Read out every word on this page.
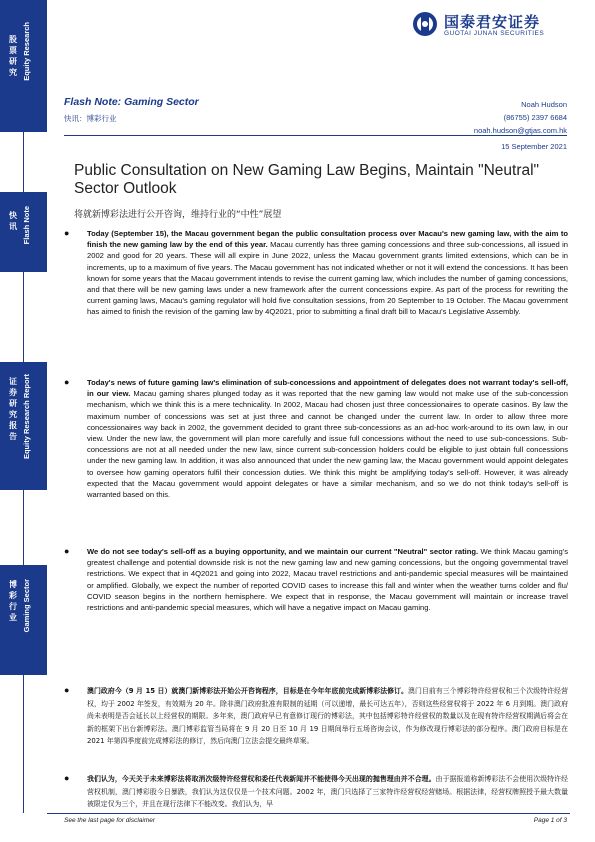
股
票
研
究 Equity Research
快
讯 Flash Note
证
券
研
究
报
告 Equity Research Report
博
彩
行
业 Gaming Sector
国泰君安证券
GUOTAI JUNAN SECURITIES
Flash Note: Gaming Sector
快讯：博彩行业
Noah Hudson
(86755) 2397 6684
noah.hudson@gtjas.com.hk
15 September 2021
Public Consultation on New Gaming Law Begins, Maintain "Neutral" Sector Outlook
将就新博彩法进行公开咨询，维持行业的“中性”展望
● Today (September 15), the Macau government began the public consultation process over Macau's new gaming law, with the aim to finish the new gaming law by the end of this year. Macau currently has three gaming concessions and three sub-concessions, all issued in 2002 and good for 20 years. These will all expire in June 2022, unless the Macau government grants limited extensions, which can be in increments, up to a maximum of five years. The Macau government has not indicated whether or not it will extend the concessions. It has been known for some years that the Macau government intends to revise the current gaming law, which includes the number of gaming concessions, and that there will be new gaming laws under a new framework after the current concessions expire. As part of the process for rewriting the current gaming laws, Macau's gaming regulator will hold five consultation sessions, from 20 September to 19 October. The Macau government has aimed to finish the revision of the gaming law by 4Q2021, prior to submitting a final draft bill to Macau's Legislative Assembly.
● Today's news of future gaming law's elimination of sub-concessions and appointment of delegates does not warrant today's sell-off, in our view. Macau gaming shares plunged today as it was reported that the new gaming law would not make use of the sub-concession mechanism, which we think this is a mere technicality. In 2002, Macau had chosen just three concessionaires to operate casinos. By law the maximum number of concessions was set at just three and cannot be changed under the current law. In order to allow three more concessionaires way back in 2002, the government decided to grant three sub-concessions as an ad-hoc work-around to its own law, in our view. Under the new law, the government will plan more carefully and issue full concessions without the need to use sub-concessions. Sub-concessions are not at all needed under the new law, since current sub-concession holders could be eligible to just obtain full concessions under the new gaming law. In addition, it was also announced that under the new gaming law, the Macau government would appoint delegates to oversee how gaming operators fulfil their concession duties. We think this might be amplifying today's sell-off. However, it was already expected that the Macau government would appoint delegates or have a similar mechanism, and so we do not think today's sell-off is warranted based on this.
● We do not see today's sell-off as a buying opportunity, and we maintain our current "Neutral" sector rating. We think Macau gaming's greatest challenge and potential downside risk is not the new gaming law and new gaming concessions, but the ongoing governmental travel restrictions. We expect that in 4Q2021 and going into 2022, Macau travel restrictions and anti-pandemic special measures will be maintained or amplified. Globally, we expect the number of reported COVID cases to increase this fall and winter when the weather turns colder and flu/ COVID season begins in the northern hemisphere. We expect that in response, the Macau government will maintain or increase travel restrictions and anti-pandemic special measures, which will have a negative impact on Macau gaming.
●	澳门政府今（9 月 15 日）就澳门新博彩法开始公开咨询程序，目标是在今年年底前完成新博彩法修订。澳门目前有三个博彩特许经营权和三个次级特许经营权，均于 2002 年签发，有效期为 20 年。除非澳门政府批准有限制的延期（可以递增，最长可达五年），否则这些经营权将于 2022 年 6 月到期。澳门政府尚未表明是否会延长以上经营权的期限。多年来，澳门政府早已有意修订现行的博彩法，其中包括博彩特许经营权的数量以及在现有特许经营权期满后将会在新的框架下出台新博彩法。澳门博彩监管当局将在 9 月 20 日至 10 月 19 日期间举行五场咨询会议，作为修改现行博彩法的部分程序。澳门政府目标是在 2021 年第四季度前完成博彩法的修订，然后向澳门立法会提交最终草案。
●	我们认为，今天关于未来博彩法将取消次级特许经营权和委任代表新闻并不能使得今天出现的抛售理由并不合理。由于据报道称新博彩法不会使用次级特许经营权机制，澳门博彩股今日暴跌，我们认为这仅仅是一个技术问题。2002 年，澳门只选择了三家特许经营权经营赌场。根据法律，经营权牌照授予最大数量被限定仅为三个，并且在现行法律下不能改变。我们认为，早
See the last page for disclaimer	Page 1 of 3
